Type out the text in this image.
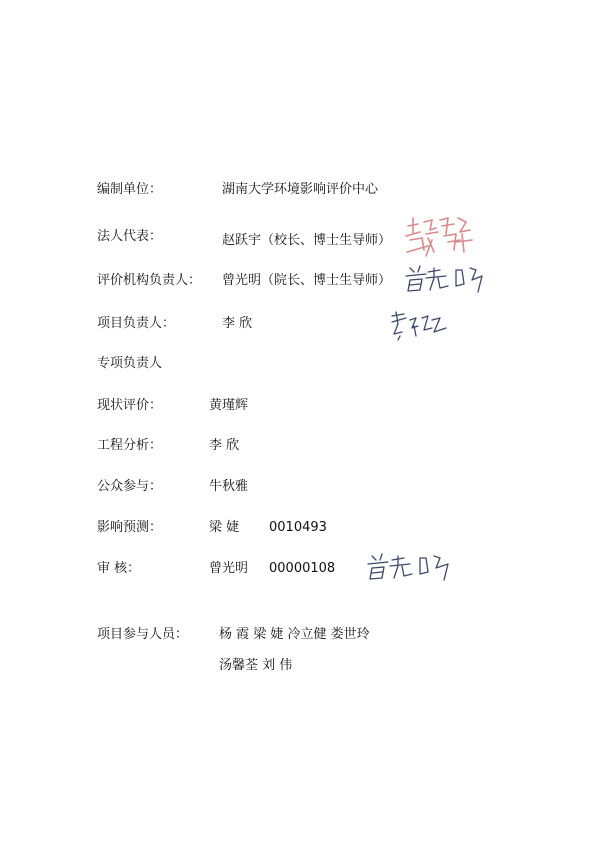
编制单位：	湖南大学环境影响评价中心
法人代表：	赵跃宇（校长、博士生导师）
评价机构负责人： 曾光明（院长、博士生导师）
项目负责人：	李 欣
专项负责人
现状评价：	黄瑾辉
工程分析：	李 欣
公众参与：	牛秋雅
影响预测：	梁 婕 0010493
审 核：	曾光明 00000108
项目参与人员： 杨 霞 梁 婕 冷立健 娄世玲
汤馨荃 刘 伟
